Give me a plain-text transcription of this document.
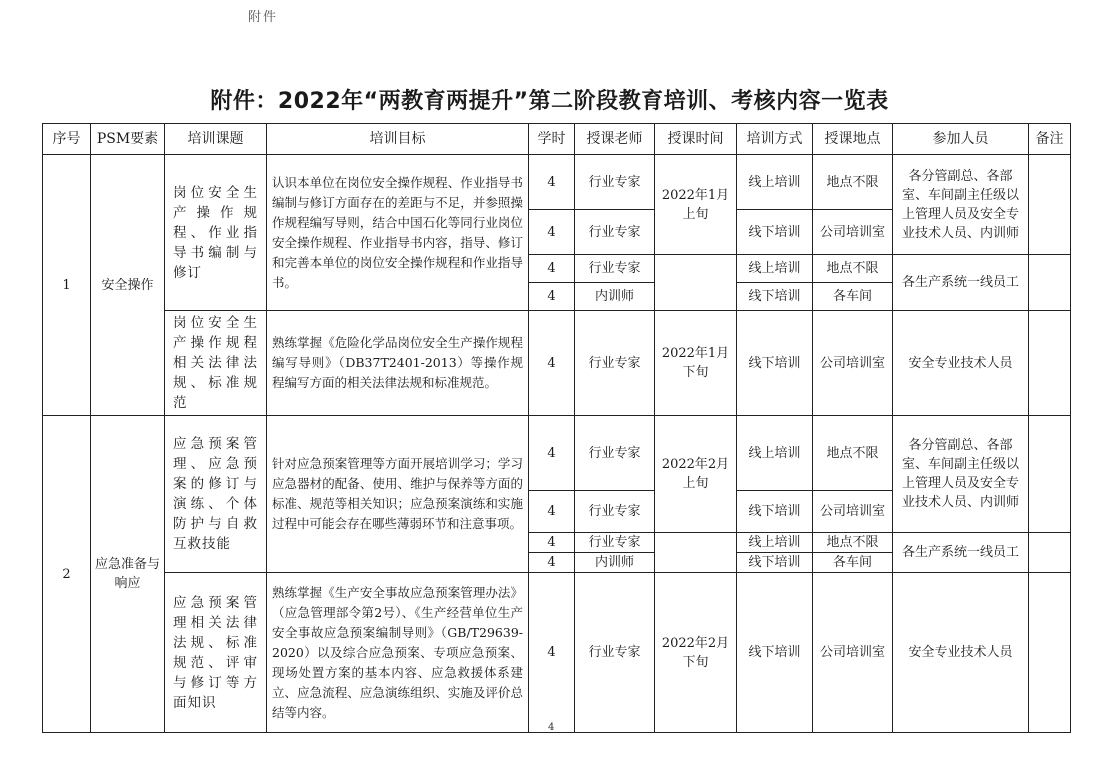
附件
附件：2022年“两教育两提升”第二阶段教育培训、考核内容一览表
序号	PSM要素	培训课题	培训目标	学时	授课老师	授课时间	培训方式	授课地点	参加人员	备注
1	安全操作	岗位安全生产操作规程、作业指导书编制与修订	认识本单位在岗位安全操作规程、作业指导书编制与修订方面存在的差距与不足，并参照操作规程编写导则，结合中国石化等同行业岗位安全操作规程、作业指导书内容，指导、修订和完善本单位的岗位安全操作规程和作业指导书。	4	行业专家	2022年1月上旬	线上培训	地点不限	各分管副总、各部室、车间副主任级以上管理人员及安全专业技术人员、内训师	
				4	行业专家		线下培训	公司培训室		
				4	行业专家		线上培训	地点不限	各生产系统一线员工	
				4	内训师		线下培训	各车间		
		岗位安全生产操作规程相关法律法规、标准规范	熟练掌握《危险化学品岗位安全生产操作规程编写导则》（DB37T2401-2013）等操作规程编写方面的相关法律法规和标准规范。	4	行业专家	2022年1月下旬	线下培训	公司培训室	安全专业技术人员	
2	应急准备与响应	应急预案管理、应急预案的修订与演练、个体防护与自救互救技能	针对应急预案管理等方面开展培训学习；学习应急器材的配备、使用、维护与保养等方面的标准、规范等相关知识；应急预案演练和实施过程中可能会存在哪些薄弱环节和注意事项。	4	行业专家	2022年2月上旬	线上培训	地点不限	各分管副总、各部室、车间副主任级以上管理人员及安全专业技术人员、内训师	
				4	行业专家		线下培训	公司培训室		
				4	行业专家		线上培训	地点不限	各生产系统一线员工	
				4	内训师		线下培训	各车间		
		应急预案管理相关法律法规、标准规范、评审与修订等方面知识	熟练掌握《生产安全事故应急预案管理办法》（应急管理部令第2号）、《生产经营单位生产安全事故应急预案编制导则》（GB/T29639-2020）以及综合应急预案、专项应急预案、现场处置方案的基本内容、应急救援体系建立、应急流程、应急演练组织、实施及评价总结等内容。	4	行业专家	2022年2月下旬	线下培训	公司培训室	安全专业技术人员	
4
